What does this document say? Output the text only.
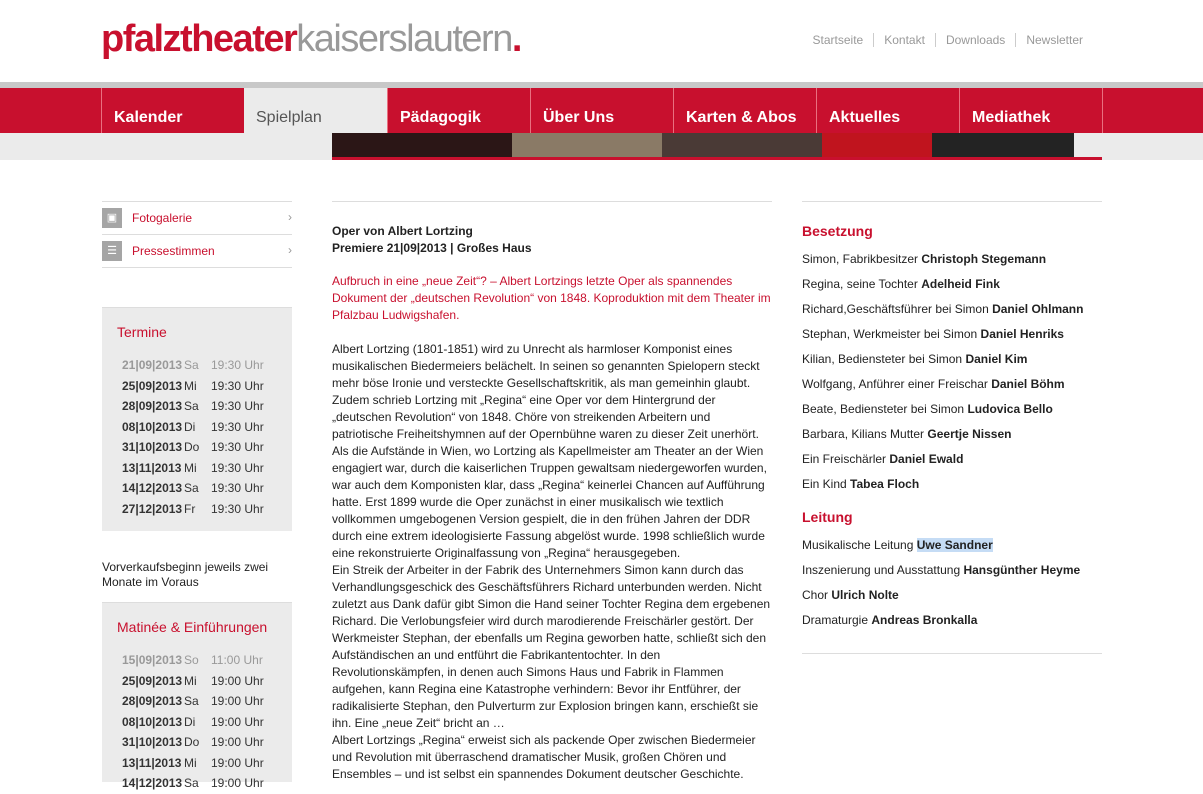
pfalztheaterkaiserslautern.	Startseite	Kontakt	Downloads	Newsletter
Kalender	Spielplan	Pädagogik	Über Uns	Karten & Abos	Aktuelles	Mediathek
▣	Fotogalerie	›
☰	Pressestimmen	›
Termine
21|09|2013 Sa	19:30 Uhr
25|09|2013 Mi	19:30 Uhr
28|09|2013 Sa	19:30 Uhr
08|10|2013 Di	19:30 Uhr
31|10|2013 Do 19:30 Uhr
13|11|2013 Mi	19:30 Uhr
14|12|2013 Sa	19:30 Uhr
27|12|2013 Fr	19:30 Uhr
Vorverkaufsbeginn jeweils zwei Monate im Voraus
Matinée & Einführungen
15|09|2013 So	11:00 Uhr
25|09|2013 Mi	19:00 Uhr
28|09|2013 Sa	19:00 Uhr
08|10|2013 Di	19:00 Uhr
31|10|2013 Do 19:00 Uhr
13|11|2013 Mi	19:00 Uhr
14|12|2013 Sa	19:00 Uhr
Oper von Albert Lortzing
Premiere 21|09|2013 | Großes Haus
Aufbruch in eine „neue Zeit“? – Albert Lortzings letzte Oper als spannendes Dokument der „deutschen Revolution“ von 1848. Koproduktion mit dem Theater im Pfalzbau Ludwigshafen.

Albert Lortzing (1801-1851) wird zu Unrecht als harmloser Komponist eines musikalischen Biedermeiers belächelt. In seinen so genannten Spielopern steckt mehr böse Ironie und versteckte Gesellschaftskritik, als man gemeinhin glaubt. Zudem schrieb Lortzing mit „Regina“ eine Oper vor dem Hintergrund der „deutschen Revolution“ von 1848. Chöre von streikenden Arbeitern und patriotische Freiheitshymnen auf der Opernbühne waren zu dieser Zeit unerhört. Als die Aufstände in Wien, wo Lortzing als Kapellmeister am Theater an der Wien engagiert war, durch die kaiserlichen Truppen gewaltsam niedergeworfen wurden, war auch dem Komponisten klar, dass „Regina“ keinerlei Chancen auf Aufführung hatte. Erst 1899 wurde die Oper zunächst in einer musikalisch wie textlich vollkommen umgebogenen Version gespielt, die in den frühen Jahren der DDR durch eine extrem ideologisierte Fassung abgelöst wurde. 1998 schließlich wurde eine rekonstruierte Originalfassung von „Regina“ herausgegeben.

Ein Streik der Arbeiter in der Fabrik des Unternehmers Simon kann durch das Verhandlungsgeschick des Geschäftsführers Richard unterbunden werden. Nicht zuletzt aus Dank dafür gibt Simon die Hand seiner Tochter Regina dem ergebenen Richard. Die Verlobungsfeier wird durch marodierende Freischärler gestört. Der Werkmeister Stephan, der ebenfalls um Regina geworben hatte, schließt sich den Aufständischen an und entführt die Fabrikantentochter. In den Revolutionskämpfen, in denen auch Simons Haus und Fabrik in Flammen aufgehen, kann Regina eine Katastrophe verhindern: Bevor ihr Entführer, der radikalisierte Stephan, den Pulverturm zur Explosion bringen kann, erschießt sie ihn. Eine „neue Zeit“ bricht an …

Albert Lortzings „Regina“ erweist sich als packende Oper zwischen Biedermeier und Revolution mit überraschend dramatischer Musik, großen Chören und Ensembles – und ist selbst ein spannendes Dokument deutscher Geschichte.

Besetzung
Simon, Fabrikbesitzer Christoph Stegemann
Regina, seine Tochter Adelheid Fink
Richard,Geschäftsführer bei Simon Daniel Ohlmann
Stephan, Werkmeister bei Simon Daniel Henriks
Kilian, Bediensteter bei Simon Daniel Kim
Wolfgang, Anführer einer Freischar Daniel Böhm
Beate, Bediensteter bei Simon Ludovica Bello
Barbara, Kilians Mutter Geertje Nissen
Ein Freischärler Daniel Ewald
Ein Kind Tabea Floch
Leitung
Musikalische Leitung Uwe Sandner
Inszenierung und Ausstattung Hansgünther Heyme
Chor Ulrich Nolte
Dramaturgie Andreas Bronkalla
